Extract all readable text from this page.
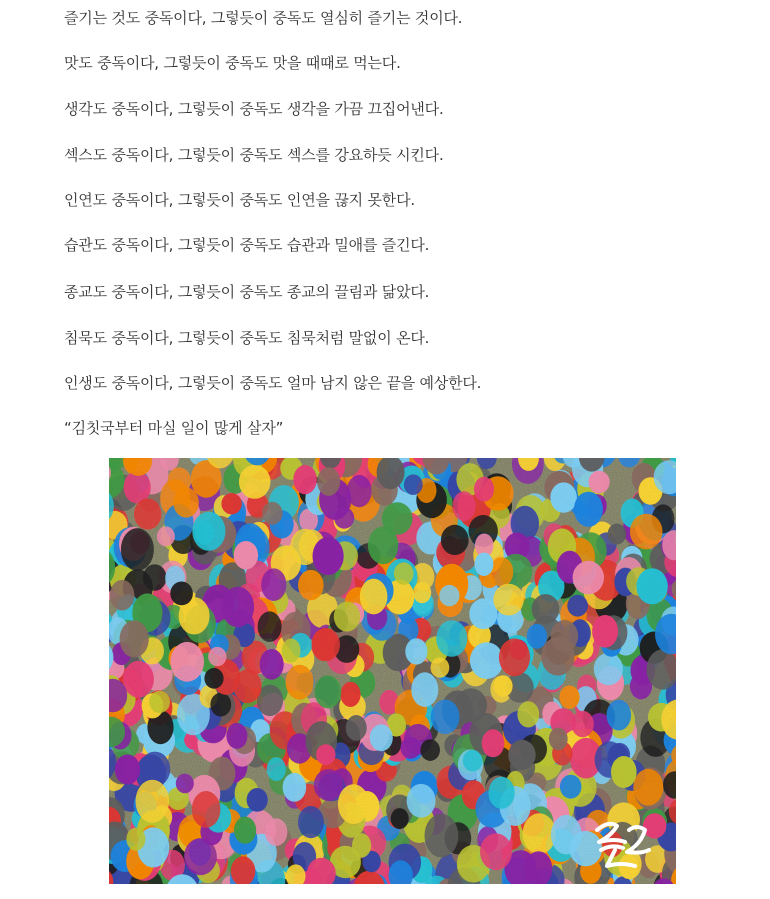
즐기는 것도 중독이다, 그렇듯이 중독도 열심히 즐기는 것이다.

맛도 중독이다, 그렇듯이 중독도 맛을 때때로 먹는다.

생각도 중독이다, 그렇듯이 중독도 생각을 가끔 끄집어낸다.

섹스도 중독이다, 그렇듯이 중독도 섹스를 강요하듯 시킨다.

인연도 중독이다, 그렇듯이 중독도 인연을 끊지 못한다.

습관도 중독이다, 그렇듯이 중독도 습관과 밀애를 즐긴다.

종교도 중독이다, 그렇듯이 중독도 종교의 끌림과 닮았다.

침묵도 중독이다, 그렇듯이 중독도 침묵처럼 말없이 온다.

인생도 중독이다, 그렇듯이 중독도 얼마 남지 않은 끝을 예상한다.

“김칫국부터 마실 일이 많게 살자”
